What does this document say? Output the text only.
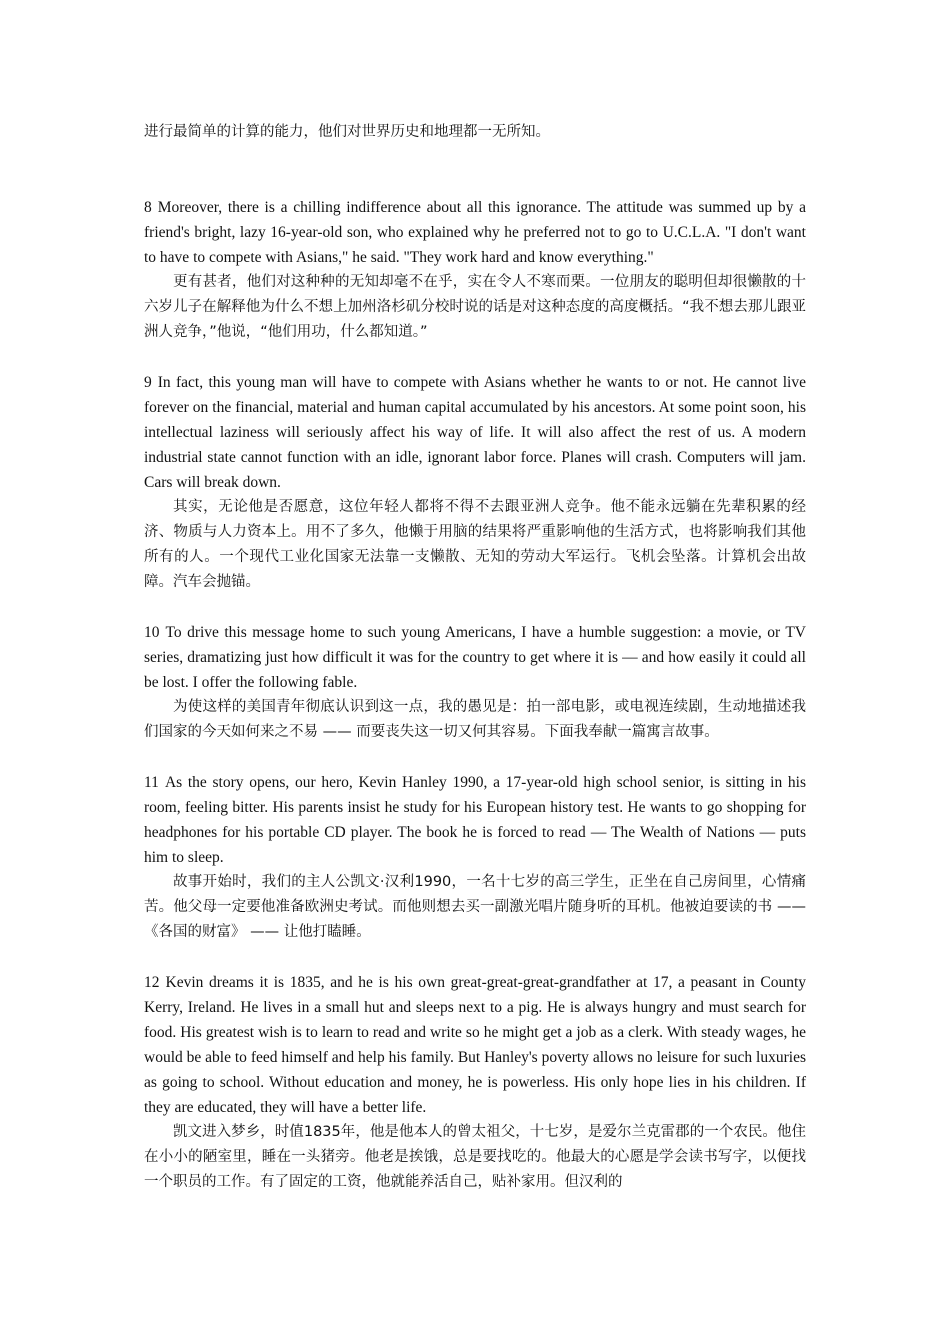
进行最简单的计算的能力，他们对世界历史和地理都一无所知。

8 Moreover, there is a chilling indifference about all this ignorance. The attitude was summed up by a friend's bright, lazy 16-year-old son, who explained why he preferred not to go to U.C.L.A. "I don't want to have to compete with Asians," he said. "They work hard and know everything."

更有甚者，他们对这种种的无知却毫不在乎，实在令人不寒而栗。一位朋友的聪明但却很懒散的十六岁儿子在解释他为什么不想上加州洛杉矶分校时说的话是对这种态度的高度概括。“我不想去那儿跟亚洲人竞争，”他说，“他们用功，什么都知道。”

9 In fact, this young man will have to compete with Asians whether he wants to or not. He cannot live forever on the financial, material and human capital accumulated by his ancestors. At some point soon, his intellectual laziness will seriously affect his way of life. It will also affect the rest of us. A modern industrial state cannot function with an idle, ignorant labor force. Planes will crash. Computers will jam. Cars will break down.

其实，无论他是否愿意，这位年轻人都将不得不去跟亚洲人竞争。他不能永远躺在先辈积累的经济、物质与人力资本上。用不了多久，他懒于用脑的结果将严重影响他的生活方式，也将影响我们其他所有的人。一个现代工业化国家无法靠一支懒散、无知的劳动大军运行。飞机会坠落。计算机会出故障。汽车会抛锚。

10 To drive this message home to such young Americans, I have a humble suggestion: a movie, or TV series, dramatizing just how difficult it was for the country to get where it is — and how easily it could all be lost. I offer the following fable.

为使这样的美国青年彻底认识到这一点，我的愚见是：拍一部电影，或电视连续剧，生动地描述我们国家的今天如何来之不易 —— 而要丧失这一切又何其容易。下面我奉献一篇寓言故事。

11 As the story opens, our hero, Kevin Hanley 1990, a 17-year-old high school senior, is sitting in his room, feeling bitter. His parents insist he study for his European history test. He wants to go shopping for headphones for his portable CD player. The book he is forced to read — The Wealth of Nations — puts him to sleep.

故事开始时，我们的主人公凯文·汉利1990，一名十七岁的高三学生，正坐在自己房间里，心情痛苦。他父母一定要他准备欧洲史考试。而他则想去买一副激光唱片随身听的耳机。他被迫要读的书 —— 《各国的财富》 —— 让他打瞌睡。

12 Kevin dreams it is 1835, and he is his own great-great-great-grandfather at 17, a peasant in County Kerry, Ireland. He lives in a small hut and sleeps next to a pig. He is always hungry and must search for food. His greatest wish is to learn to read and write so he might get a job as a clerk. With steady wages, he would be able to feed himself and help his family. But Hanley's poverty allows no leisure for such luxuries as going to school. Without education and money, he is powerless. His only hope lies in his children. If they are educated, they will have a better life.

凯文进入梦乡，时值1835年，他是他本人的曾太祖父，十七岁，是爱尔兰克雷郡的一个农民。他住在小小的陋室里，睡在一头猪旁。他老是挨饿，总是要找吃的。他最大的心愿是学会读书写字，以便找一个职员的工作。有了固定的工资，他就能养活自己，贴补家用。但汉利的
